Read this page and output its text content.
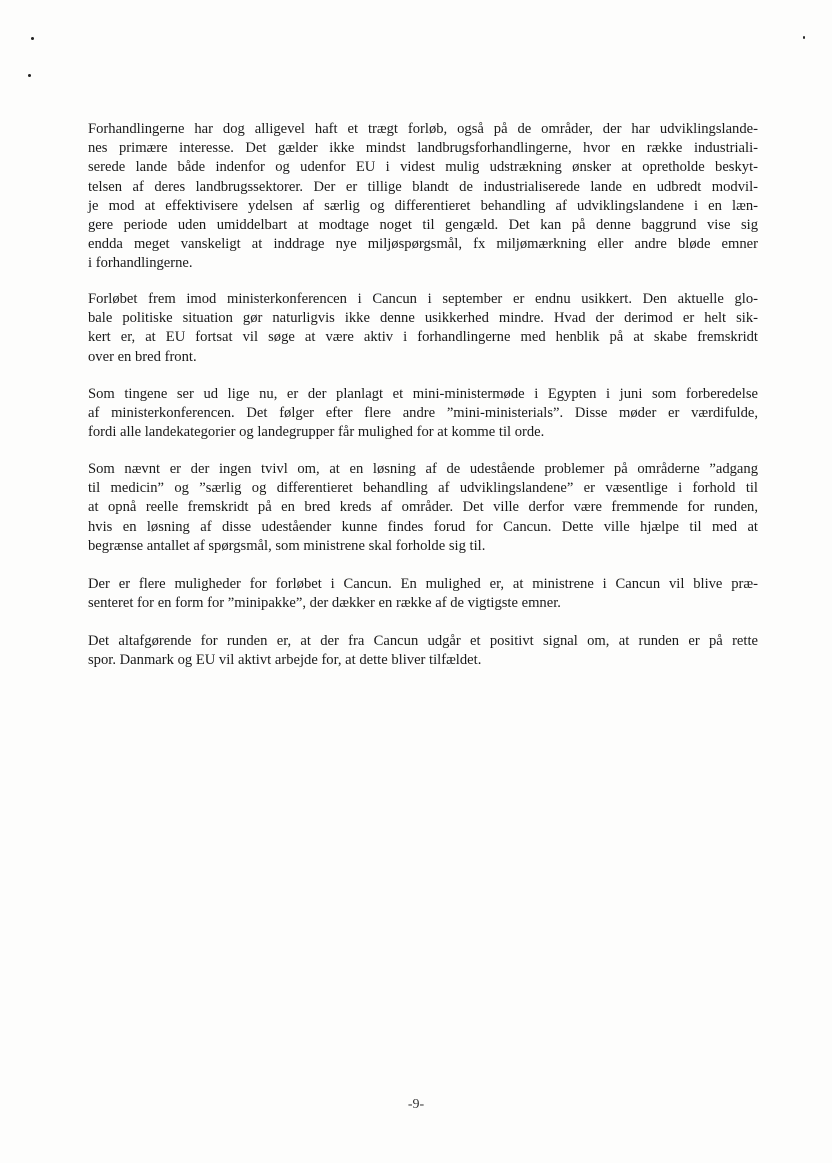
Forhandlingerne har dog alligevel haft et trægt forløb, også på de områder, der har udviklingslande-
nes primære interesse. Det gælder ikke mindst landbrugsforhandlingerne, hvor en række industriali-
serede lande både indenfor og udenfor EU i videst mulig udstrækning ønsker at opretholde beskyt-
telsen af deres landbrugssektorer. Der er tillige blandt de industrialiserede lande en udbredt modvil-
je mod at effektivisere ydelsen af særlig og differentieret behandling af udviklingslandene i en læn-
gere periode uden umiddelbart at modtage noget til gengæld. Det kan på denne baggrund vise sig
endda meget vanskeligt at inddrage nye miljøspørgsmål, fx miljømærkning eller andre bløde emner
i forhandlingerne.
Forløbet frem imod ministerkonferencen i Cancun i september er endnu usikkert. Den aktuelle glo-
bale politiske situation gør naturligvis ikke denne usikkerhed mindre. Hvad der derimod er helt sik-
kert er, at EU fortsat vil søge at være aktiv i forhandlingerne med henblik på at skabe fremskridt
over en bred front.
Som tingene ser ud lige nu, er der planlagt et mini-ministermøde i Egypten i juni som forberedelse
af ministerkonferencen. Det følger efter flere andre ”mini-ministerials”. Disse møder er værdifulde,
fordi alle landekategorier og landegrupper får mulighed for at komme til orde.
Som nævnt er der ingen tvivl om, at en løsning af de udestående problemer på områderne ”adgang
til medicin” og ”særlig og differentieret behandling af udviklingslandene” er væsentlige i forhold til
at opnå reelle fremskridt på en bred kreds af områder. Det ville derfor være fremmende for runden,
hvis en løsning af disse udeståender kunne findes forud for Cancun. Dette ville hjælpe til med at
begrænse antallet af spørgsmål, som ministrene skal forholde sig til.
Der er flere muligheder for forløbet i Cancun. En mulighed er, at ministrene i Cancun vil blive præ-
senteret for en form for ”minipakke”, der dækker en række af de vigtigste emner.
Det altafgørende for runden er, at der fra Cancun udgår et positivt signal om, at runden er på rette
spor. Danmark og EU vil aktivt arbejde for, at dette bliver tilfældet.
-9-
